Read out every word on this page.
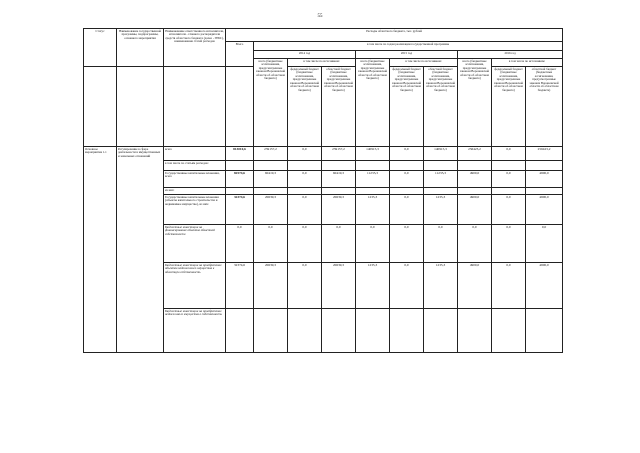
55
Статус	Наименование государственной программы, подпрограммы, основного мероприятия	Наименование ответственного исполнителя, исполнителя - главного распорядителя средств областного бюджета (далее - ГРБС), наименование статей расходов	Расходы областного бюджета, тыс. рублей									
			Всего	в том числе по годам реализации государственной программы								
				2014 год			2015 год			2016 год		
				всего (бюджетные ассигнования, предусмотренные законом Воронежской области об областном бюджете)	в том числе по источникам:		всего (бюджетные ассигнования, предусмотренные законом Воронежской области об областном бюджете)	в том числе по источникам:		всего (бюджетные ассигнования, предусмотренные законом Воронежской области об областном бюджете)	в том числе по источникам:	
					федеральный бюджет (бюджетные ассигнования, предусмотренные законом Воронежской области об областном бюджете)	областной бюджет (бюджетные ассигнования, предусмотренные законом Воронежской области об областном бюджете)		федеральный бюджет (бюджетные ассигнования, предусмотренные законом Воронежской области об областном бюджете)	областной бюджет (бюджетные ассигнования, предусмотренные законом Воронежской области об областном бюджете)		федеральный бюджет (бюджетные ассигнования, предусмотренные законом Воронежской области об областном бюджете)	областной бюджет (бюджетные ассигнования, предусмотренные законом Воронежской области об областном бюджете)
Основное мероприятие 1.1	Регулирование в сфере деятельности в имущественных и земельных отношений	всего	813010,6	259157,2	0,0	259157,2	140915,3	0,0	140915,3	256423,2	0,0	256423,2
		в том числе по статьям расходов:										
		Государственные капитальные вложения, всего	82574,6	60419,3	0,0	60419,3	11235,3	0,0	11235,3	4900,0	0,0	4900,0
		из них:										
		Государственные капитальные вложения (объекты капитального строительства и недвижимое имущество), из них:	32374,6	20639,3	0,0	20639,3	1235,3	0,0	1235,3	4900,0	0,0	4900,0
		Бюджетные инвестиции на финансирование объектов областной собственности	0,0	0,0	0,0	0,0	0,0	0,0	0,0	0,0	0,0	0,0
		Бюджетные инвестиции на приобретение объектов недвижимого имущества в областную собственность	32374,6	20639,3	0,0	20639,3	1235,3	0,0	1235,3	4900,0	0,0	4900,0
		Бюджетные инвестиции на приобретение недвижимого имущества в собственность										
